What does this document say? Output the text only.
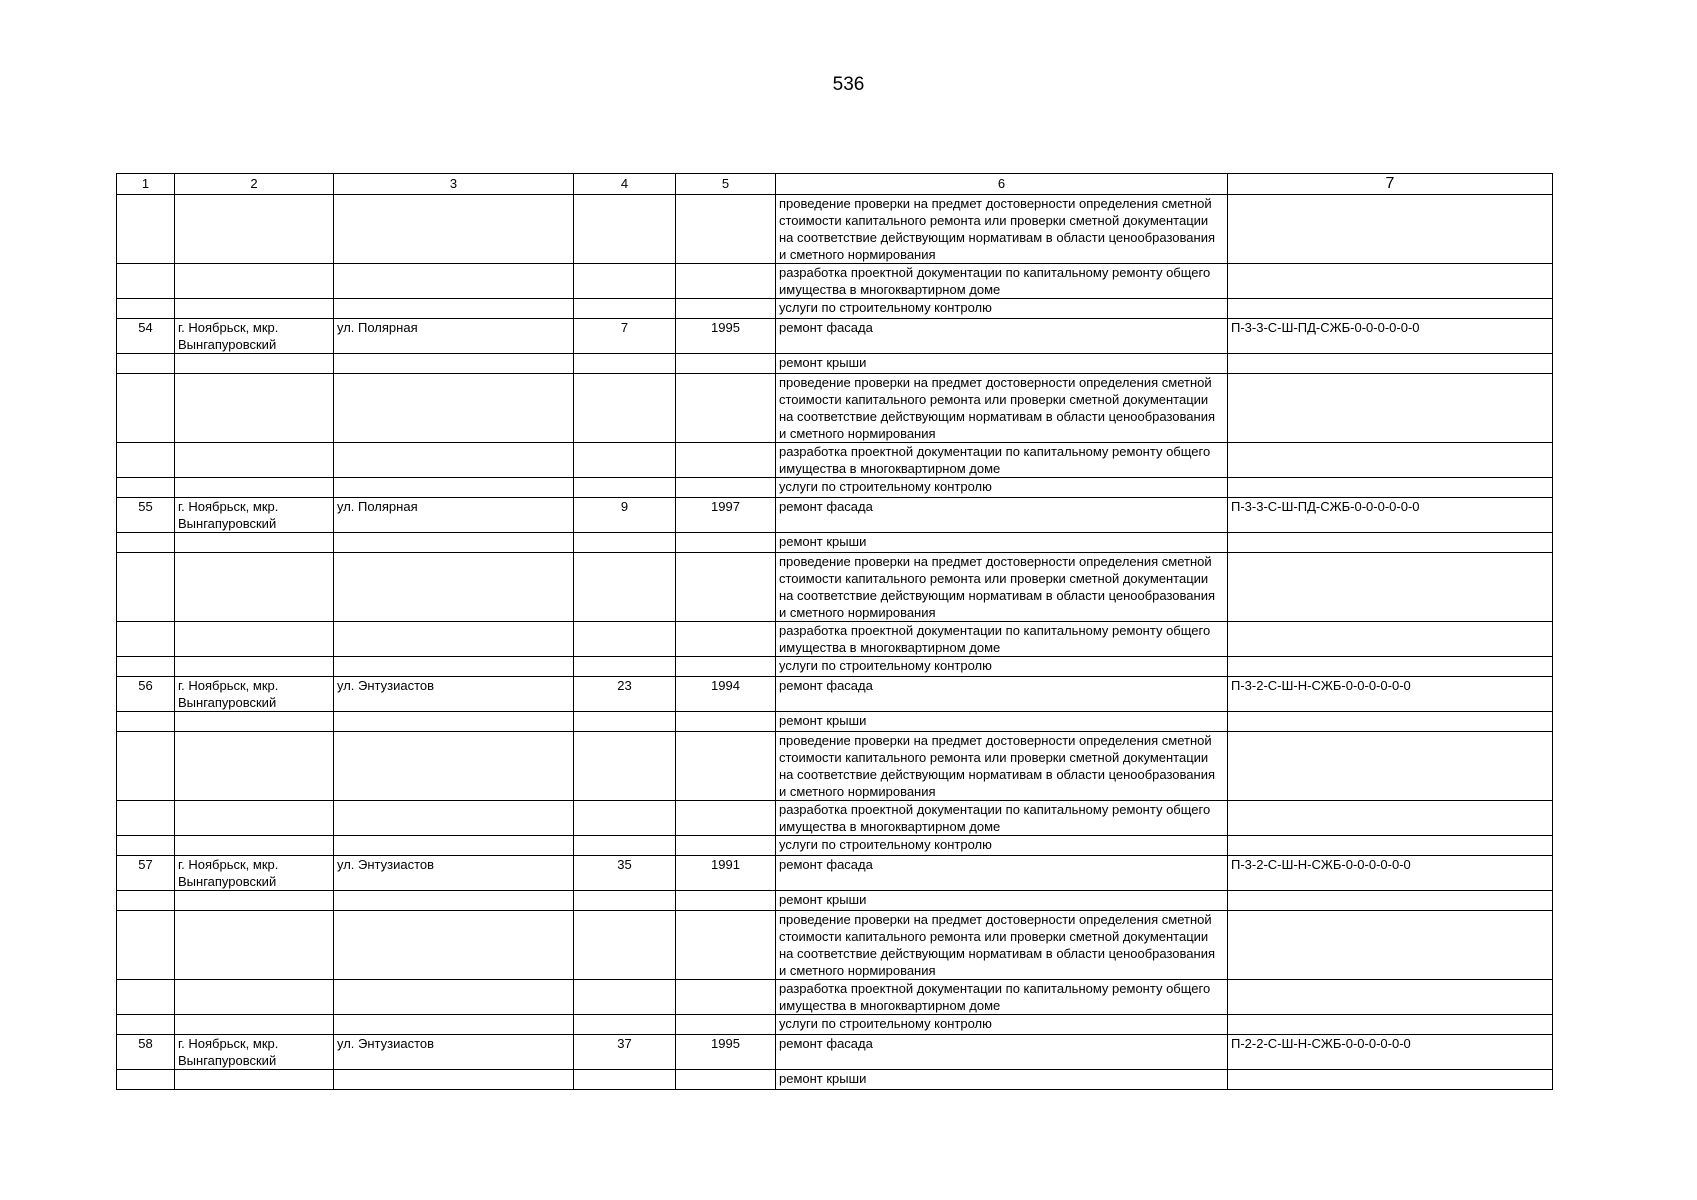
536
1	2	3	4	5	6	7
					проведение проверки на предмет достоверности определения сметной стоимости капитального ремонта или проверки сметной документации на соответствие действующим нормативам в области ценообразования и сметного нормирования	
					разработка проектной документации по капитальному ремонту общего имущества в многоквартирном доме	
					услуги по строительному контролю	
54	г. Ноябрьск, мкр. Вынгапуровский	ул. Полярная	7	1995	ремонт фасада	П-3-3-С-Ш-ПД-СЖБ-0-0-0-0-0-0
					ремонт крыши	
					проведение проверки на предмет достоверности определения сметной стоимости капитального ремонта или проверки сметной документации на соответствие действующим нормативам в области ценообразования и сметного нормирования	
					разработка проектной документации по капитальному ремонту общего имущества в многоквартирном доме	
					услуги по строительному контролю	
55	г. Ноябрьск, мкр. Вынгапуровский	ул. Полярная	9	1997	ремонт фасада	П-3-3-С-Ш-ПД-СЖБ-0-0-0-0-0-0
					ремонт крыши	
					проведение проверки на предмет достоверности определения сметной стоимости капитального ремонта или проверки сметной документации на соответствие действующим нормативам в области ценообразования и сметного нормирования	
					разработка проектной документации по капитальному ремонту общего имущества в многоквартирном доме	
					услуги по строительному контролю	
56	г. Ноябрьск, мкр. Вынгапуровский	ул. Энтузиастов	23	1994	ремонт фасада	П-3-2-С-Ш-Н-СЖБ-0-0-0-0-0-0
					ремонт крыши	
					проведение проверки на предмет достоверности определения сметной стоимости капитального ремонта или проверки сметной документации на соответствие действующим нормативам в области ценообразования и сметного нормирования	
					разработка проектной документации по капитальному ремонту общего имущества в многоквартирном доме	
					услуги по строительному контролю	
57	г. Ноябрьск, мкр. Вынгапуровский	ул. Энтузиастов	35	1991	ремонт фасада	П-3-2-С-Ш-Н-СЖБ-0-0-0-0-0-0
					ремонт крыши	
					проведение проверки на предмет достоверности определения сметной стоимости капитального ремонта или проверки сметной документации на соответствие действующим нормативам в области ценообразования и сметного нормирования	
					разработка проектной документации по капитальному ремонту общего имущества в многоквартирном доме	
					услуги по строительному контролю	
58	г. Ноябрьск, мкр. Вынгапуровский	ул. Энтузиастов	37	1995	ремонт фасада	П-2-2-С-Ш-Н-СЖБ-0-0-0-0-0-0
					ремонт крыши	
